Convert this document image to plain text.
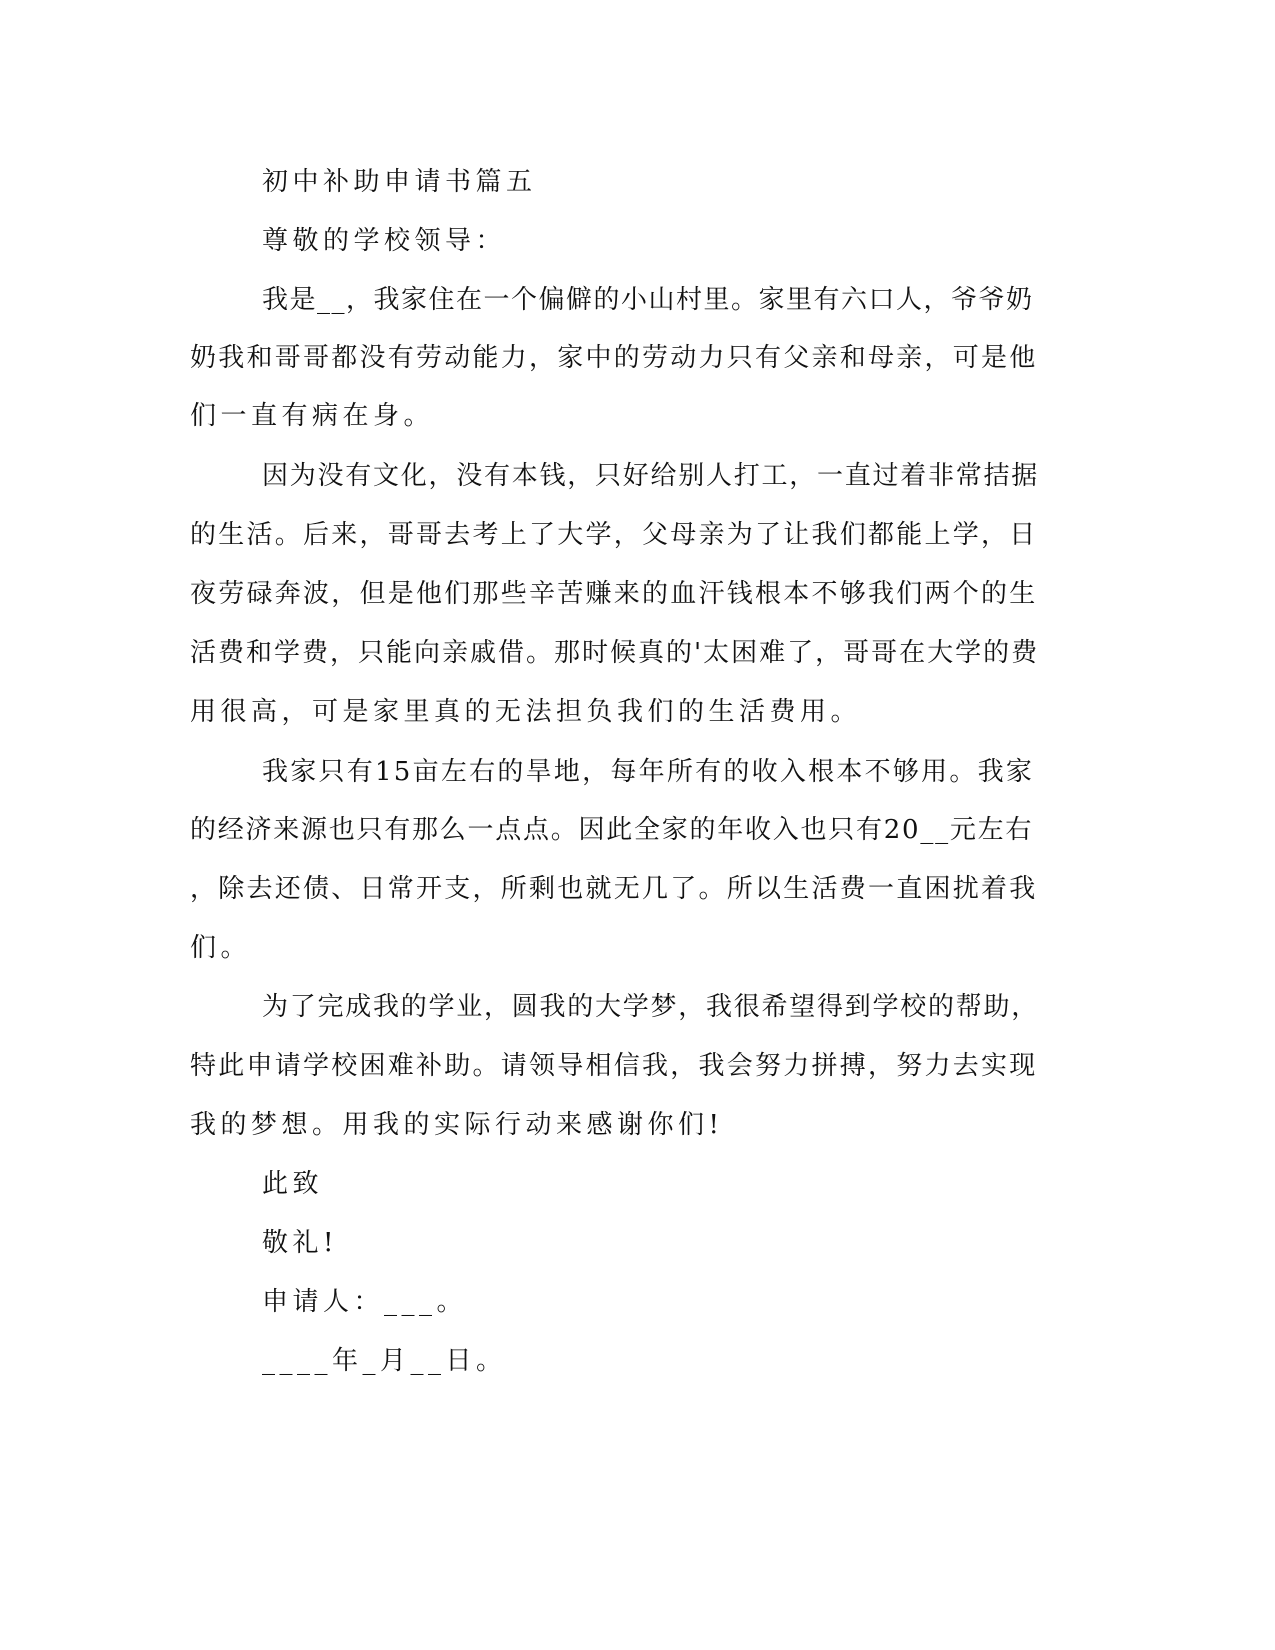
初中补助申请书篇五
尊敬的学校领导：
我是__，我家住在一个偏僻的小山村里。家里有六口人，爷爷奶
奶我和哥哥都没有劳动能力，家中的劳动力只有父亲和母亲，可是他
们一直有病在身。
因为没有文化，没有本钱，只好给别人打工，一直过着非常拮据
的生活。后来，哥哥去考上了大学，父母亲为了让我们都能上学，日
夜劳碌奔波，但是他们那些辛苦赚来的血汗钱根本不够我们两个的生
活费和学费，只能向亲戚借。那时候真的'太困难了，哥哥在大学的费
用很高，可是家里真的无法担负我们的生活费用。
我家只有15亩左右的旱地，每年所有的收入根本不够用。我家
的经济来源也只有那么一点点。因此全家的年收入也只有20__元左右
，除去还债、日常开支，所剩也就无几了。所以生活费一直困扰着我
们。
为了完成我的学业，圆我的大学梦，我很希望得到学校的帮助，
特此申请学校困难补助。请领导相信我，我会努力拼搏，努力去实现
我的梦想。用我的实际行动来感谢你们!
此致
敬礼!
申请人：___。
____年_月__日。
